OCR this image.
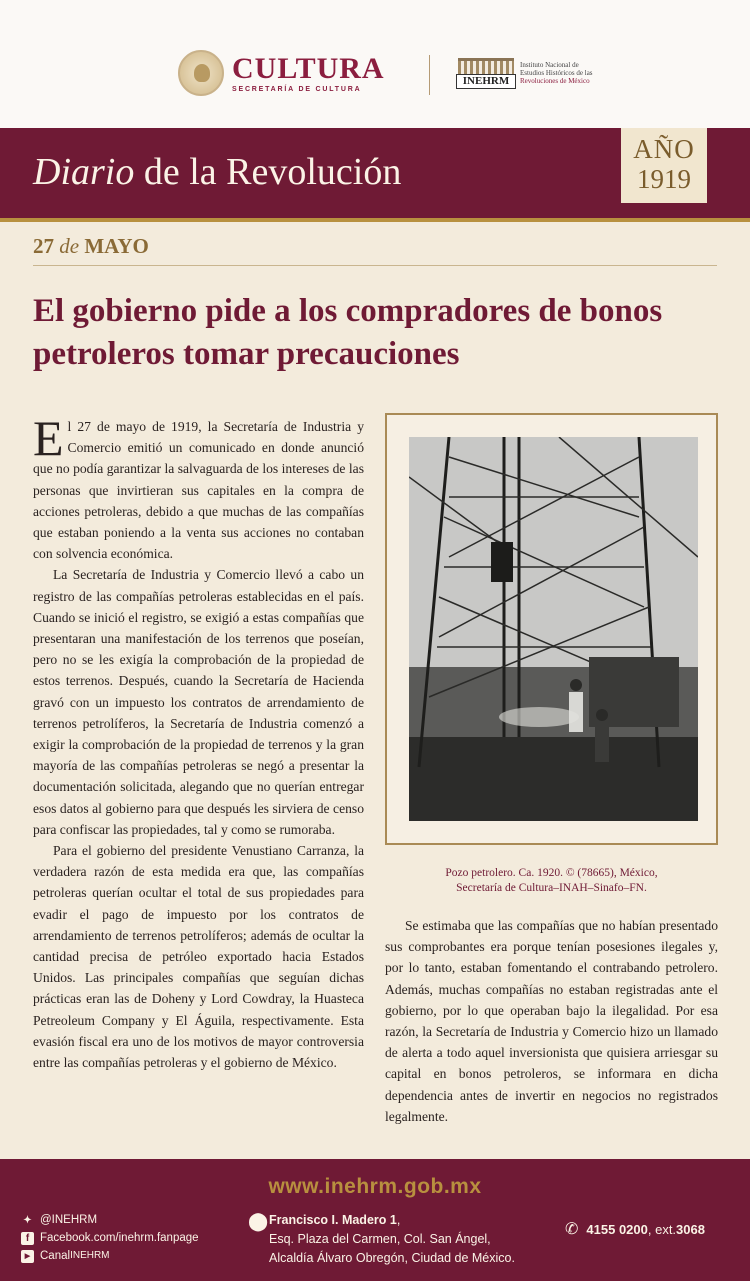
CULTURA
SECRETARÍA DE CULTURA
INEHRM
Instituto Nacional de
Estudios Históricos de las
Revoluciones de México
Diario de la Revolución
AÑO
1919
27 de MAYO
El gobierno pide a los compradores de bonos petroleros tomar precauciones

El 27 de mayo de 1919, la Secretaría de Industria y Comercio emitió un comunicado en donde anunció que no podía garantizar la salvaguarda de los intereses de las personas que invirtieran sus capitales en la compra de acciones petroleras, debido a que muchas de las compañías que estaban poniendo a la venta sus acciones no contaban con solvencia económica.

La Secretaría de Industria y Comercio llevó a cabo un registro de las compañías petroleras establecidas en el país. Cuando se inició el registro, se exigió a estas compañías que presentaran una manifestación de los terrenos que poseían, pero no se les exigía la comprobación de la propiedad de estos terrenos. Después, cuando la Secretaría de Hacienda gravó con un impuesto los contratos de arrendamiento de terrenos petrolíferos, la Secretaría de Industria comenzó a exigir la comprobación de la propiedad de terrenos y la gran mayoría de las compañías petroleras se negó a presentar la documentación solicitada, alegando que no querían entregar esos datos al gobierno para que después les sirviera de censo para confiscar las propiedades, tal y como se rumoraba.

Para el gobierno del presidente Venustiano Carranza, la verdadera razón de esta medida era que, las compañías petroleras querían ocultar el total de sus propiedades para evadir el pago de impuesto por los contratos de arrendamiento de terrenos petrolíferos; además de ocultar la cantidad precisa de petróleo exportado hacia Estados Unidos. Las principales compañías que seguían dichas prácticas eran las de Doheny y Lord Cowdray, la Huasteca Petreoleum Company y El Águila, respectivamente. Esta evasión fiscal era uno de los motivos de mayor controversia entre las compañías petroleras y el gobierno de México.

Pozo petrolero. Ca. 1920. © (78665), México,
Secretaría de Cultura–INAH–Sinafo–FN.

Se estimaba que las compañías que no habían presentado sus comprobantes era porque tenían posesiones ilegales y, por lo tanto, estaban fomentando el contrabando petrolero. Además, muchas compañías no estaban registradas ante el gobierno, por lo que operaban bajo la ilegalidad. Por esa razón, la Secretaría de Industria y Comercio hizo un llamado de alerta a todo aquel inversionista que quisiera arriesgar su capital en bonos petroleros, se informara en dicha dependencia antes de invertir en negocios no registrados legalmente.

www.inehrm.gob.mx
✦ @INEHRM
f Facebook.com/inehrm.fanpage
▶ Canal INEHRM
⬤ Francisco I. Madero 1,
Esq. Plaza del Carmen, Col. San Ángel,
Alcaldía Álvaro Obregón, Ciudad de México.
✆ 4155 0200 , ext. 3068
